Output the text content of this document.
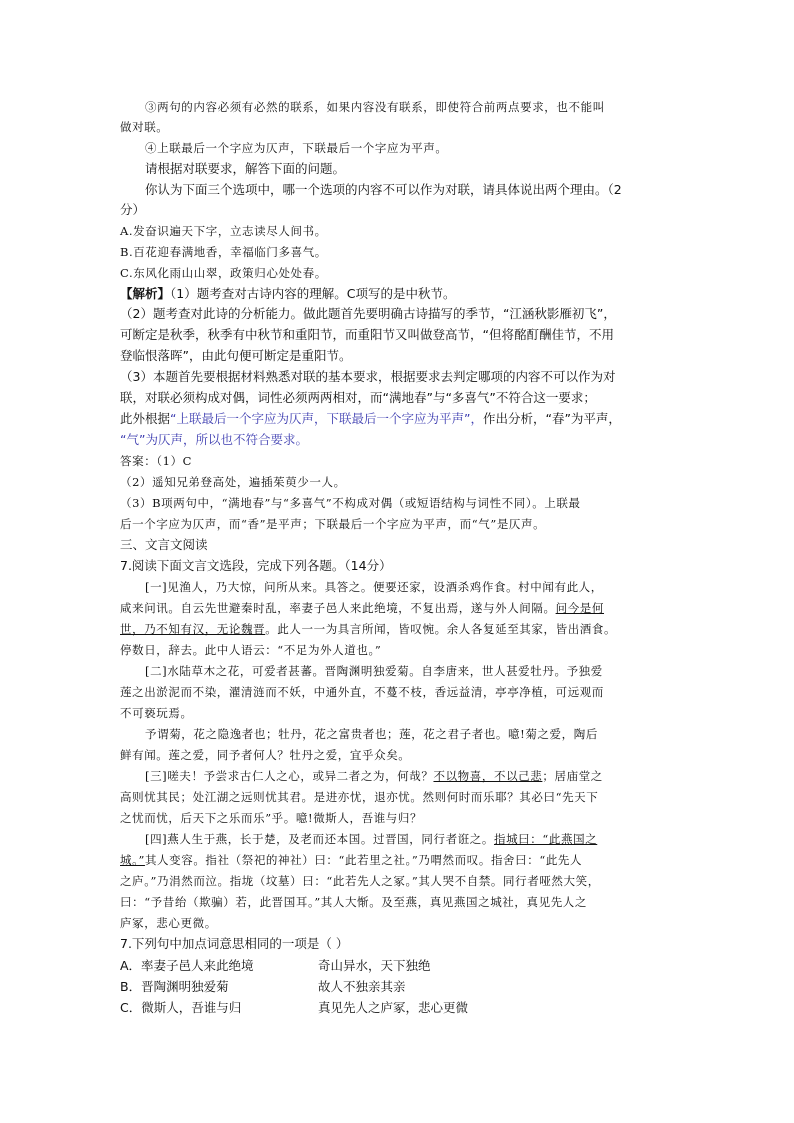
③两句的内容必须有必然的联系，如果内容没有联系，即使符合前两点要求，也不能叫
做对联。
④上联最后一个字应为仄声，下联最后一个字应为平声。
请根据对联要求，解答下面的问题。
你认为下面三个选项中，哪一个选项的内容不可以作为对联，请具体说出两个理由。（2
分）
A.发奋识遍天下字，立志读尽人间书。
B.百花迎春满地香，幸福临门多喜气。
C.东风化雨山山翠，政策归心处处春。
【解析】（1）题考查对古诗内容的理解。C项写的是中秋节。
（2）题考查对此诗的分析能力。做此题首先要明确古诗描写的季节，“江涵秋影雁初飞”，
可断定是秋季，秋季有中秋节和重阳节，而重阳节又叫做登高节，“但将酩酊酬佳节，不用
登临恨落晖”，由此句便可断定是重阳节。
（3）本题首先要根据材料熟悉对联的基本要求，根据要求去判定哪项的内容不可以作为对
联，对联必须构成对偶，词性必须两两相对，而“满地春”与“多喜气”不符合这一要求；
此外根据“上联最后一个字应为仄声，下联最后一个字应为平声”，作出分析，“春”为平声，
“气”为仄声，所以也不符合要求。
答案：（1）C
（2）遥知兄弟登高处，遍插茱萸少一人。
（3）B项两句中，“满地春”与“多喜气”不构成对偶（或短语结构与词性不同）。上联最
后一个字应为仄声，而“香”是平声；下联最后一个字应为平声，而“气”是仄声。
三、文言文阅读
7.阅读下面文言文选段，完成下列各题。（14分）
[一]见渔人，乃大惊，问所从来。具答之。便要还家，设酒杀鸡作食。村中闻有此人，
咸来问讯。自云先世避秦时乱，率妻子邑人来此绝境，不复出焉，遂与外人间隔。问今是何
世，乃不知有汉，无论魏晋。此人一一为具言所闻，皆叹惋。余人各复延至其家，皆出酒食。
停数日，辞去。此中人语云：“不足为外人道也。”
[二]水陆草木之花，可爱者甚蕃。晋陶渊明独爱菊。自李唐来，世人甚爱牡丹。予独爱
莲之出淤泥而不染，濯清涟而不妖，中通外直，不蔓不枝，香远益清，亭亭净植，可远观而
不可亵玩焉。
予谓菊，花之隐逸者也；牡丹，花之富贵者也；莲，花之君子者也。噫!菊之爱，陶后
鲜有闻。莲之爱，同予者何人？牡丹之爱，宜乎众矣。
[三]嗟夫！予尝求古仁人之心，或异二者之为，何哉？不以物喜，不以己悲；居庙堂之
高则忧其民；处江湖之远则忧其君。是进亦忧，退亦忧。然则何时而乐耶？其必曰“先天下
之忧而忧，后天下之乐而乐”乎。噫!微斯人，吾谁与归？
[四]燕人生于燕，长于楚，及老而还本国。过晋国，同行者诳之。指城曰：“此燕国之
城。”其人变容。指社（祭祀的神社）曰：“此若里之社。”乃喟然而叹。指舍曰：“此先人
之庐。”乃涓然而泣。指垅（坟墓）曰：“此若先人之冢。”其人哭不自禁。同行者哑然大笑，
曰：“予昔绐（欺骗）若，此晋国耳。”其人大惭。及至燕，真见燕国之城社，真见先人之
庐冢，悲心更微。
7.下列句中加点词意思相同的一项是（ ）
A．率妻子邑人来此绝境	奇山异水，天下独绝
B．晋陶渊明独爱菊	故人不独亲其亲
C．微斯人，吾谁与归	真见先人之庐冢，悲心更微
